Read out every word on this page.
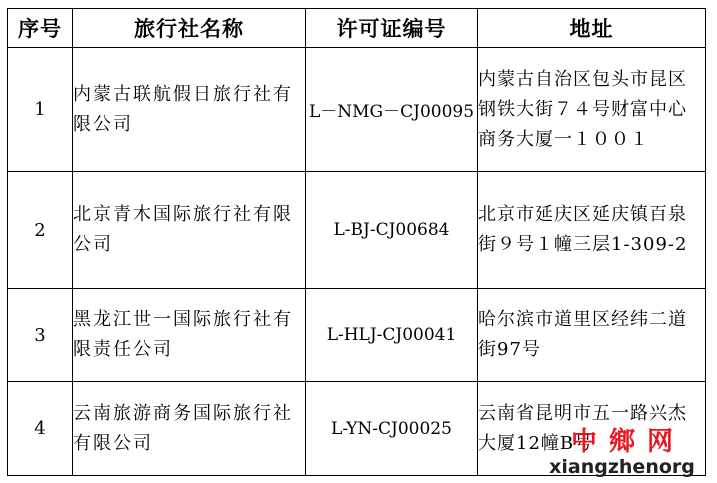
序号	旅行社名称	许可证编号	地址
1	内蒙古联航假日旅行社有限公司	L－NMG－CJ00095	内蒙古自治区包头市昆区钢铁大街７４号财富中心商务大厦一１００１
2	北京青木国际旅行社有限公司	L-BJ-CJ00684	北京市延庆区延庆镇百泉街９号１幢三层1-309-2
3	黑龙江世一国际旅行社有限责任公司	L-HLJ-CJ00041	哈尔滨市道里区经纬二道街97号
4	云南旅游商务国际旅行社有限公司	L-YN-CJ00025	云南省昆明市五一路兴杰大厦12幢B号
中鄉网
xiangzhenorg
